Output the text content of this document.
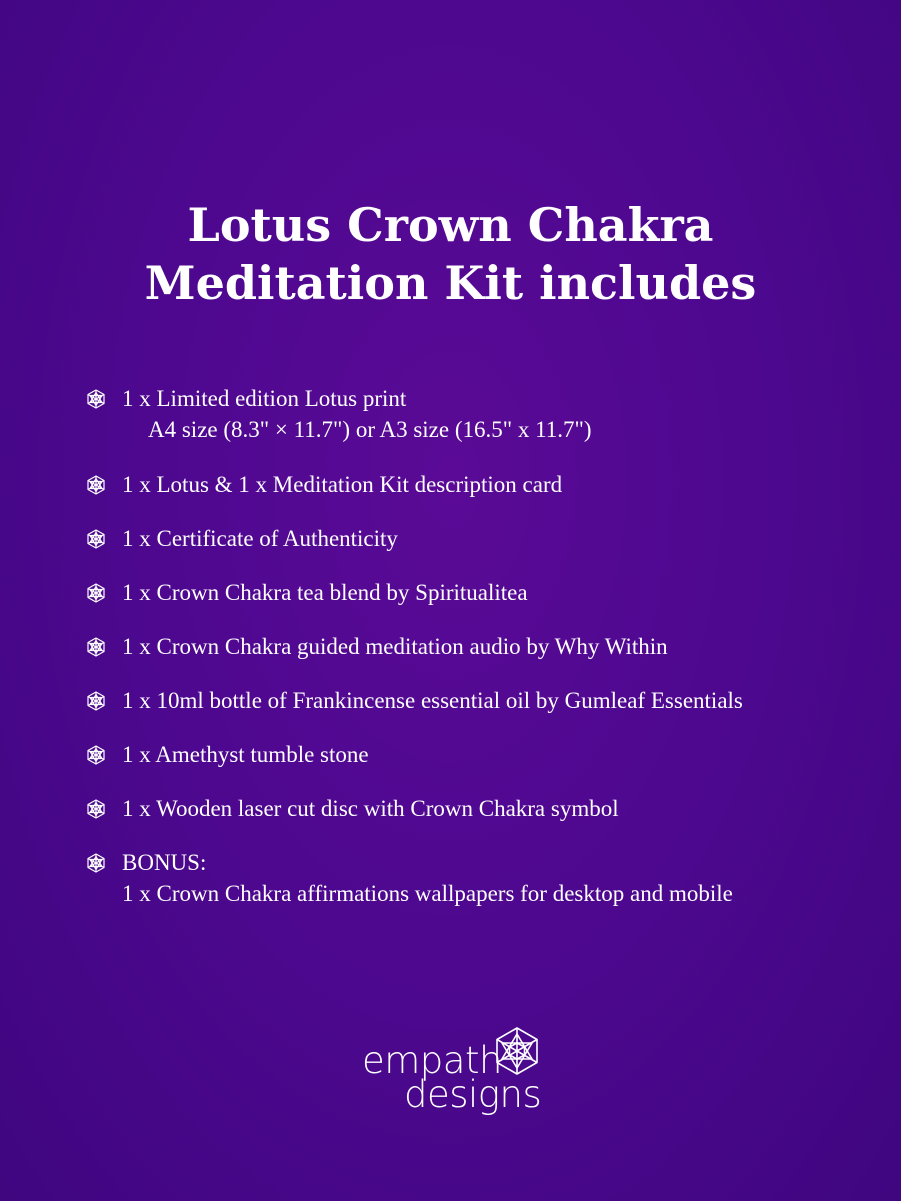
Lotus Crown Chakra
Meditation Kit includes
1 x Limited edition Lotus print
A4 size (8.3" × 11.7") or A3 size (16.5" x 11.7")
1 x Lotus & 1 x Meditation Kit description card
1 x Certificate of Authenticity
1 x Crown Chakra tea blend by Spiritualitea
1 x Crown Chakra guided meditation audio by Why Within
1 x 10ml bottle of Frankincense essential oil by Gumleaf Essentials
1 x Amethyst tumble stone
1 x Wooden laser cut disc with Crown Chakra symbol
BONUS:
1 x Crown Chakra affirmations wallpapers for desktop and mobile
empath
designs
